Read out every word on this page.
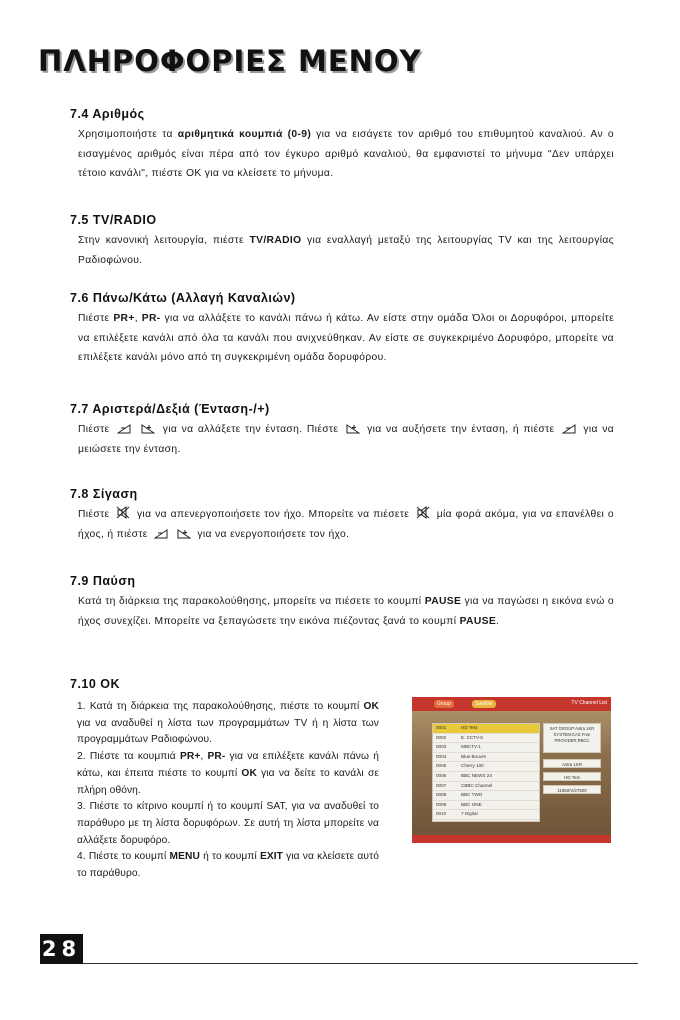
ΠΛΗΡΟΦΟΡΙΕΣ ΜΕΝΟΥ
7.4 Αριθμός

Χρησιμοποιήστε τα αριθμητικά κουμπιά (0-9) για να εισάγετε τον αριθμό του επιθυμητού καναλιού. Αν ο εισαγμένος αριθμός είναι πέρα από τον έγκυρο αριθμό καναλιού, θα εμφανιστεί το μήνυμα "Δεν υπάρχει τέτοιο κανάλι", πιέστε OK για να κλείσετε το μήνυμα.

7.5 TV/RADIO

Στην κανονική λειτουργία, πιέστε TV/RADIO για εναλλαγή μεταξύ της λειτουργίας TV και της λειτουργίας Ραδιοφώνου.

7.6 Πάνω/Κάτω (Αλλαγή Καναλιών)

Πιέστε PR+, PR- για να αλλάξετε το κανάλι πάνω ή κάτω. Αν είστε στην ομάδα Όλοι οι Δορυφόροι, μπορείτε να επιλέξετε κανάλι από όλα τα κανάλι που ανιχνεύθηκαν. Αν είστε σε συγκεκριμένο Δορυφόρο, μπορείτε να επιλέξετε κανάλι μόνο από τη συγκεκριμένη ομάδα δορυφόρου.

7.7 Αριστερά/Δεξιά (Ένταση-/+)

Πιέστε	για να αλλάξετε την ένταση. Πιέστε	για να αυξήσετε την ένταση, ή πιέστε	για να μειώσετε την ένταση.

7.8 Σίγαση

Πιέστε	για να απενεργοποιήσετε τον ήχο. Μπορείτε να πιέσετε	μία φορά ακόμα, για να επανέλθει ο ήχος, ή πιέστε	για να ενεργοποιήσετε τον ήχο.

7.9 Παύση

Κατά τη διάρκεια της παρακολούθησης, μπορείτε να πιέσετε το κουμπί PAUSE για να παγώσει η εικόνα ενώ ο ήχος συνεχίζει. Μπορείτε να ξεπαγώσετε την εικόνα πιέζοντας ξανά το κουμπί PAUSE.

7.10 OK
1. Κατά τη διάρκεια της παρακολούθησης, πιέστε το κουμπί OK για να αναδυθεί η λίστα των προγραμμάτων TV ή η λίστα των προγραμμάτων Ραδιοφώνου.
2. Πιέστε τα κουμπιά PR+, PR- για να επιλέξετε κανάλι πάνω ή κάτω, και έπειτα πιέστε το κουμπί OK για να δείτε το κανάλι σε πλήρη οθόνη.
3. Πιέστε το κίτρινο κουμπί ή το κουμπί SAT, για να αναδυθεί το παράθυρο με τη λίστα δορυφόρων. Σε αυτή τη λίστα μπορείτε να αλλάξετε δορυφόρο.
4. Πιέστε το κουμπί MENU ή το κουμπί EXIT για να κλείσετε αυτό το παράθυρο.
Group	Satellite	TV Channel List
0001	HD Test
0002	E. CCTV-5
0003	MBCTV-1
0004	Blue Bouvre
0005	Cherry 100
0006	BBC NEWS 24
0007	CBBC Channel
0008	BBC TWO
0009	BBC ONE
0010	7 Digital
SAT GROUP:Astra 1KR
SYSTEM:CAS Free
PROVIDER:RBCC
Astra 1KR
HD Test
11850/V/27500
28
